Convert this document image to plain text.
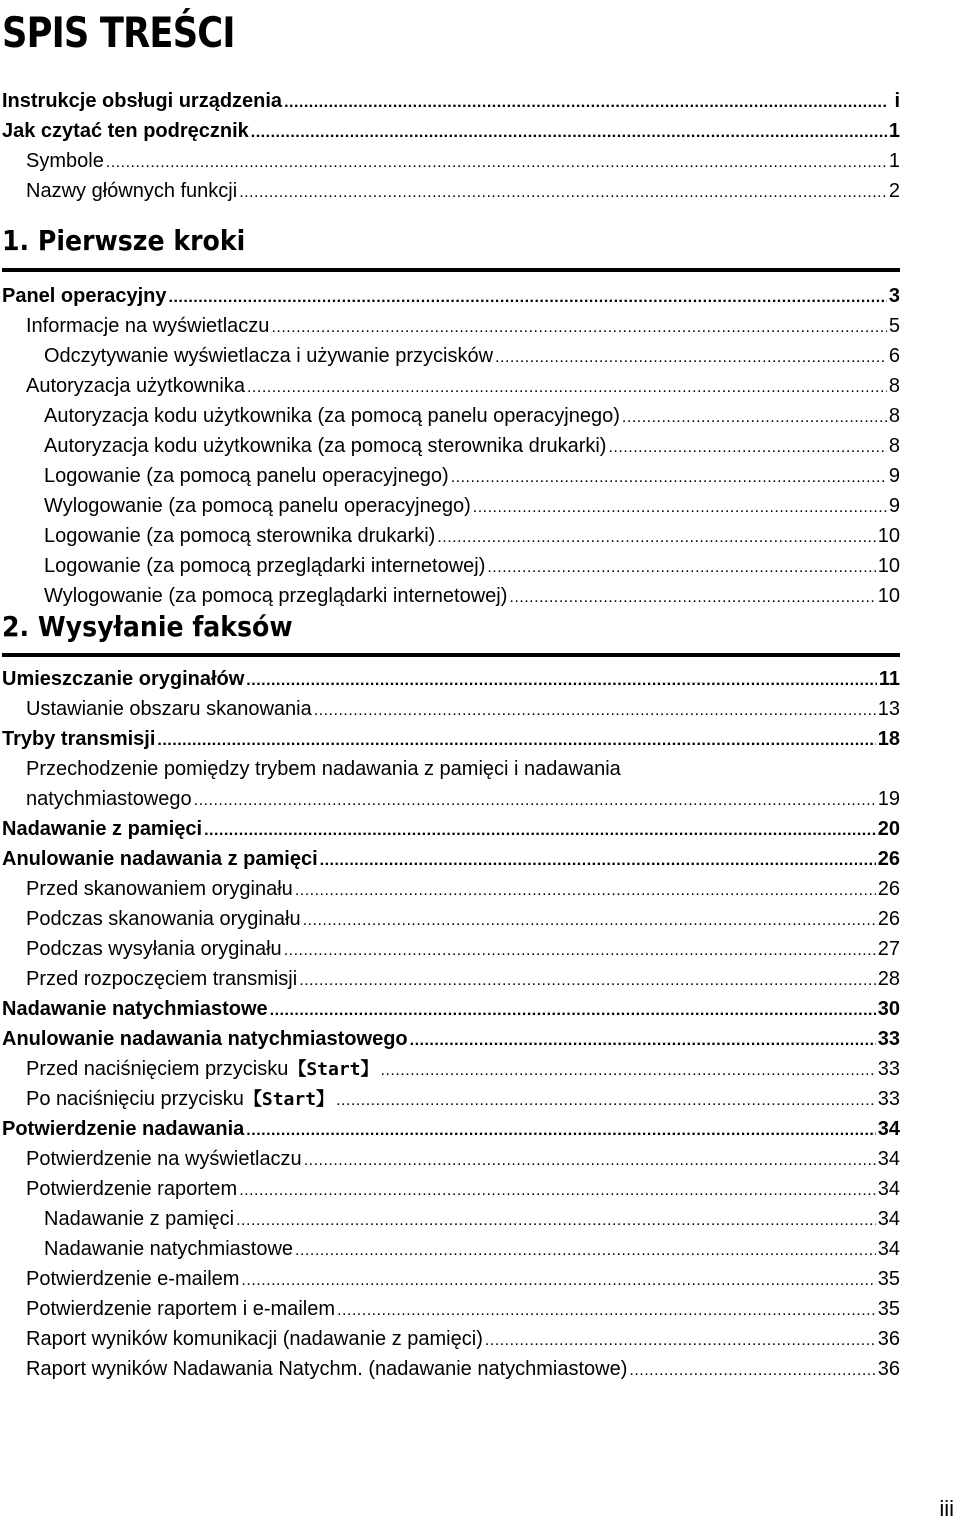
SPIS TREŚCI
Instrukcje obsługi urządzenia .....	i
Jak czytać ten podręcznik .....	1
Symbole .....	1
Nazwy głównych funkcji .....	2
1. Pierwsze kroki
Panel operacyjny .....	3
Informacje na wyświetlaczu .....	5
Odczytywanie wyświetlacza i używanie przycisków .....	6
Autoryzacja użytkownika .....	8
Autoryzacja kodu użytkownika (za pomocą panelu operacyjnego) .....	8
Autoryzacja kodu użytkownika (za pomocą sterownika drukarki) .....	8
Logowanie (za pomocą panelu operacyjnego) .....	9
Wylogowanie (za pomocą panelu operacyjnego) .....	9
Logowanie (za pomocą sterownika drukarki) .....	10
Logowanie (za pomocą przeglądarki internetowej) .....	10
Wylogowanie (za pomocą przeglądarki internetowej) .....	10
2. Wysyłanie faksów
Umieszczanie oryginałów .....	11
Ustawianie obszaru skanowania .....	13
Tryby transmisji .....	18
Przechodzenie pomiędzy trybem nadawania z pamięci i nadawania
natychmiastowego .....	19
Nadawanie z pamięci .....	20
Anulowanie nadawania z pamięci .....	26
Przed skanowaniem oryginału .....	26
Podczas skanowania oryginału .....	26
Podczas wysyłania oryginału .....	27
Przed rozpoczęciem transmisji .....	28
Nadawanie natychmiastowe .....	30
Anulowanie nadawania natychmiastowego .....	33
Przed naciśnięciem przycisku 【Start】 .....	33
Po naciśnięciu przycisku 【Start】 .....	33
Potwierdzenie nadawania .....	34
Potwierdzenie na wyświetlaczu .....	34
Potwierdzenie raportem .....	34
Nadawanie z pamięci .....	34
Nadawanie natychmiastowe .....	34
Potwierdzenie e-mailem .....	35
Potwierdzenie raportem i e-mailem .....	35
Raport wyników komunikacji (nadawanie z pamięci) .....	36
Raport wyników Nadawania Natychm. (nadawanie natychmiastowe) .....	36
iii
